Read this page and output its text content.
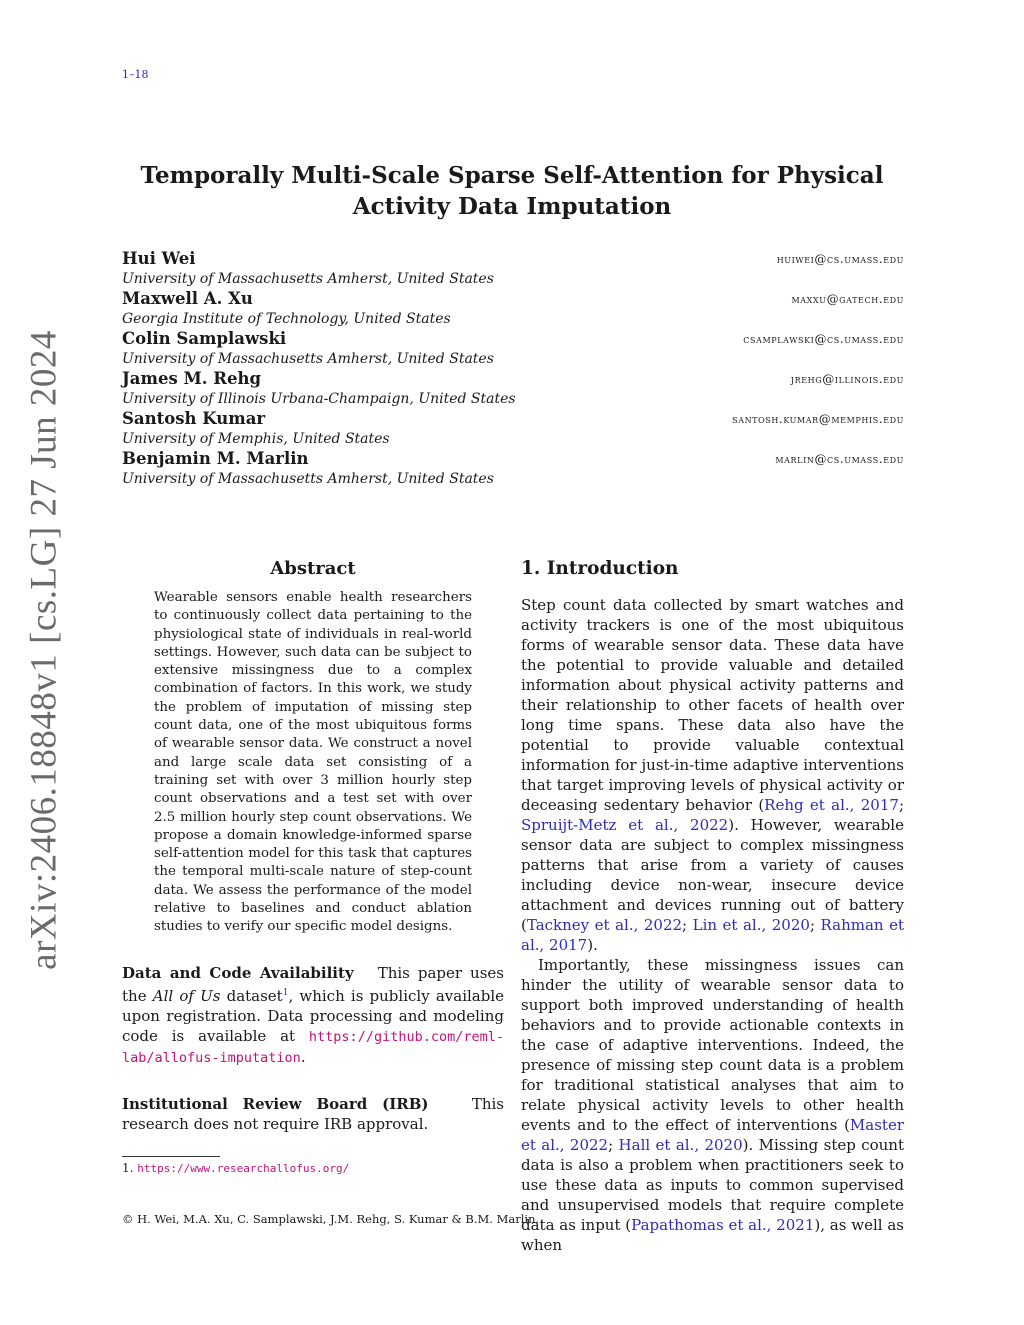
1–18
arXiv:2406.18848v1 [cs.LG] 27 Jun 2024
Temporally Multi-Scale Sparse Self-Attention for Physical
Activity Data Imputation
Hui Wei	huiwei@cs.umass.edu
University of Massachusetts Amherst, United States
Maxwell A. Xu	maxxu@gatech.edu
Georgia Institute of Technology, United States
Colin Samplawski	csamplawski@cs.umass.edu
University of Massachusetts Amherst, United States
James M. Rehg	jrehg@illinois.edu
University of Illinois Urbana-Champaign, United States
Santosh Kumar	santosh.kumar@memphis.edu
University of Memphis, United States
Benjamin M. Marlin	marlin@cs.umass.edu
University of Massachusetts Amherst, United States
Abstract
Wearable sensors enable health researchers to continuously collect data pertaining to the physiological state of individuals in real-world settings. However, such data can be subject to extensive missingness due to a complex combination of factors. In this work, we study the problem of imputation of missing step count data, one of the most ubiquitous forms of wearable sensor data. We construct a novel and large scale data set consisting of a training set with over 3 million hourly step count observations and a test set with over 2.5 million hourly step count observations. We propose a domain knowledge-informed sparse self-attention model for this task that captures the temporal multi-scale nature of step-count data. We assess the performance of the model relative to baselines and conduct ablation studies to verify our specific model designs.

Data and Code Availability This paper uses the All of Us dataset$^1$, which is publicly available upon registration. Data processing and modeling code is available at https://github.com/reml-lab/allofus-imputation.

Institutional Review Board (IRB)	This research does not require IRB approval.

1. https://www.researchallofus.org/
1. Introduction

Step count data collected by smart watches and activity trackers is one of the most ubiquitous forms of wearable sensor data. These data have the potential to provide valuable and detailed information about physical activity patterns and their relationship to other facets of health over long time spans. These data also have the potential to provide valuable contextual information for just-in-time adaptive interventions that target improving levels of physical activity or deceasing sedentary behavior (Rehg et al., 2017; Spruijt-Metz et al., 2022). However, wearable sensor data are subject to complex missingness patterns that arise from a variety of causes including device non-wear, insecure device attachment and devices running out of battery (Tackney et al., 2022; Lin et al., 2020; Rahman et al., 2017).

Importantly, these missingness issues can hinder the utility of wearable sensor data to support both improved understanding of health behaviors and to provide actionable contexts in the case of adaptive interventions. Indeed, the presence of missing step count data is a problem for traditional statistical analyses that aim to relate physical activity levels to other health events and to the effect of interventions (Master et al., 2022; Hall et al., 2020). Missing step count data is also a problem when practitioners seek to use these data as inputs to common supervised and unsupervised models that require complete data as input (Papathomas et al., 2021), as well as when

© H. Wei, M.A. Xu, C. Samplawski, J.M. Rehg, S. Kumar & B.M. Marlin.
